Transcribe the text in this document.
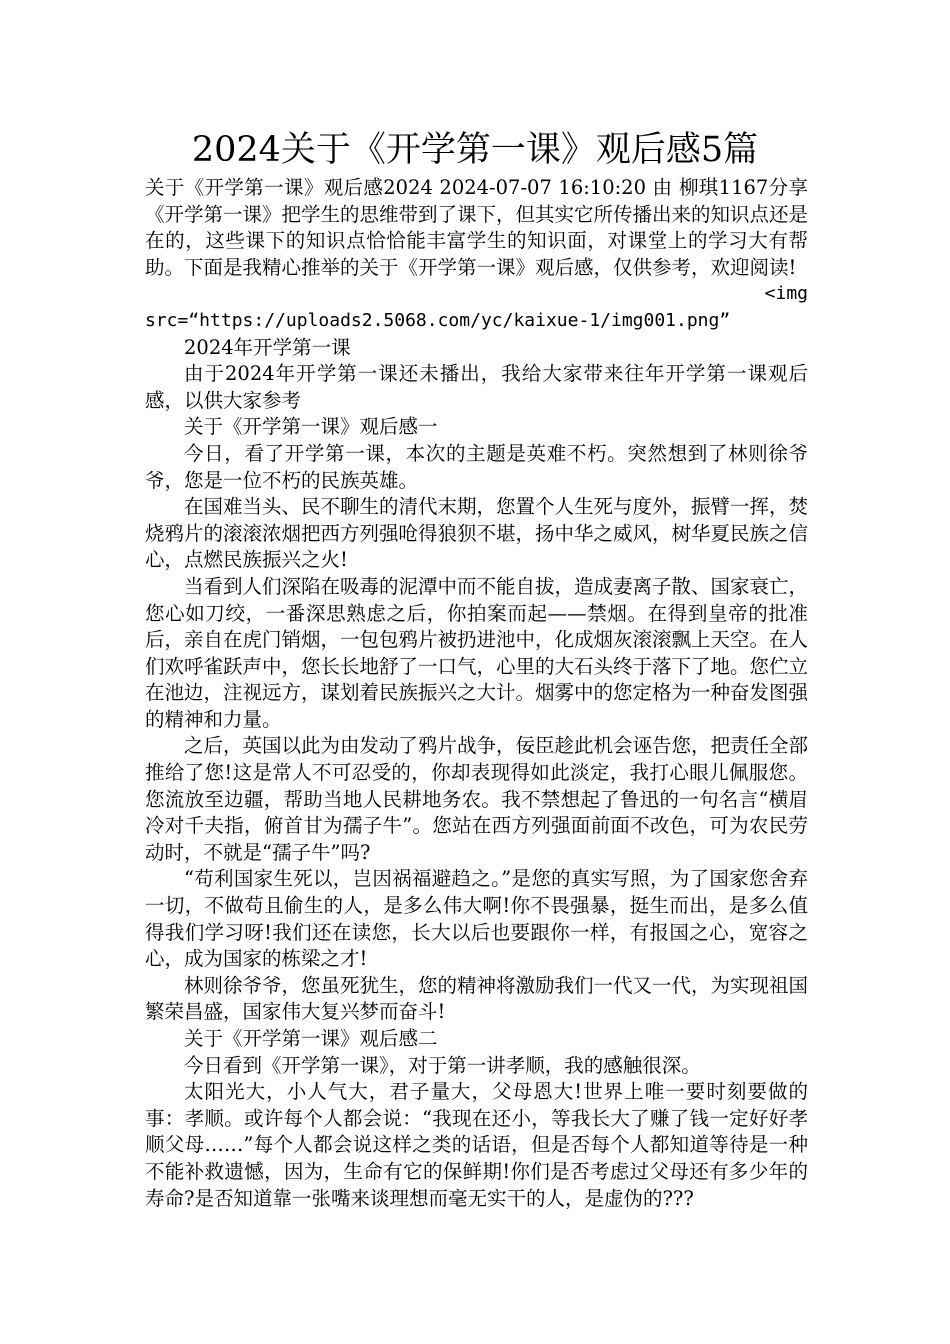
2024关于《开学第一课》观后感5篇

关于《开学第一课》观后感2024 2024-07-07 16:10:20 由 柳琪1167分享《开学第一课》把学生的思维带到了课下，但其实它所传播出来的知识点还是在的，这些课下的知识点恰恰能丰富学生的知识面，对课堂上的学习大有帮助。下面是我精心推举的关于《开学第一课》观后感，仅供参考，欢迎阅读!

<img

src=“https://uploads2.5068.com/yc/kaixue-1/img001.png”

2024年开学第一课

由于2024年开学第一课还未播出，我给大家带来往年开学第一课观后感，以供大家参考

关于《开学第一课》观后感一

今日，看了开学第一课，本次的主题是英难不朽。突然想到了林则徐爷爷，您是一位不朽的民族英雄。

在国难当头、民不聊生的清代末期，您置个人生死与度外，振臂一挥，焚烧鸦片的滚滚浓烟把西方列强呛得狼狈不堪，扬中华之威风，树华夏民族之信心，点燃民族振兴之火!

当看到人们深陷在吸毒的泥潭中而不能自拔，造成妻离子散、国家衰亡，您心如刀绞，一番深思熟虑之后，你拍案而起——禁烟。在得到皇帝的批准后，亲自在虎门销烟，一包包鸦片被扔进池中，化成烟灰滚滚飘上天空。在人们欢呼雀跃声中，您长长地舒了一口气，心里的大石头终于落下了地。您伫立在池边，注视远方，谋划着民族振兴之大计。烟雾中的您定格为一种奋发图强的精神和力量。

之后，英国以此为由发动了鸦片战争，佞臣趁此机会诬告您，把责任全部推给了您!这是常人不可忍受的，你却表现得如此淡定，我打心眼儿佩服您。您流放至边疆，帮助当地人民耕地务农。我不禁想起了鲁迅的一句名言“横眉冷对千夫指，俯首甘为孺子牛”。您站在西方列强面前面不改色，可为农民劳动时，不就是“孺子牛”吗?

“苟利国家生死以，岂因祸福避趋之。”是您的真实写照，为了国家您舍弃一切，不做苟且偷生的人，是多么伟大啊!你不畏强暴，挺生而出，是多么值得我们学习呀!我们还在读您，长大以后也要跟你一样，有报国之心，宽容之心，成为国家的栋梁之才!

林则徐爷爷，您虽死犹生，您的精神将激励我们一代又一代，为实现祖国繁荣昌盛，国家伟大复兴梦而奋斗!

关于《开学第一课》观后感二

今日看到《开学第一课》，对于第一讲孝顺，我的感触很深。

太阳光大，小人气大，君子量大，父母恩大!世界上唯一要时刻要做的 事：孝顺。或许每个人都会说：“我现在还小，等我长大了赚了钱一定好好孝顺父母……”每个人都会说这样之类的话语，但是否每个人都知道等待是一种不能补救遗憾，因为，生命有它的保鲜期!你们是否考虑过父母还有多少年的寿命?是否知道靠一张嘴来谈理想而毫无实干的人，是虚伪的???
